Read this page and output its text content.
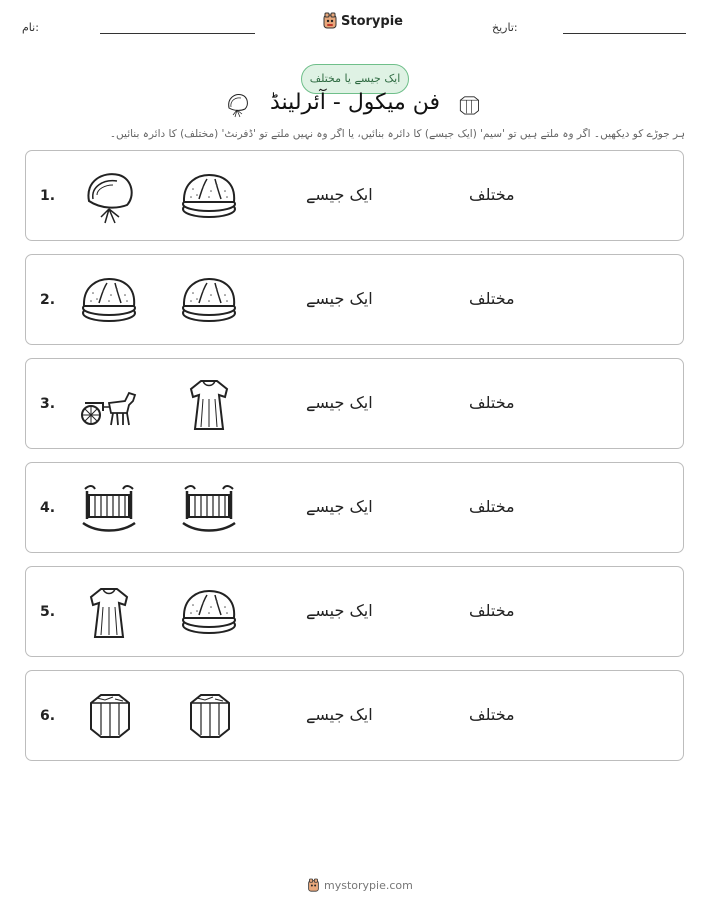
نام:	Storypie	تاریخ:
ایک جیسے یا مختلف
فن میکول - آئرلینڈ
ہر جوڑے کو دیکھیں۔ اگر وہ ملتے ہیں تو 'سیم' (ایک جیسے) کا دائرہ بنائیں، یا اگر وہ نہیں ملتے تو 'ڈفرنٹ' (مختلف) کا دائرہ بنائیں۔
1.	ایک جیسے	مختلف
2.	ایک جیسے	مختلف
3.	ایک جیسے	مختلف
4.	ایک جیسے	مختلف
5.	ایک جیسے	مختلف
6.	ایک جیسے	مختلف
mystorypie.com
